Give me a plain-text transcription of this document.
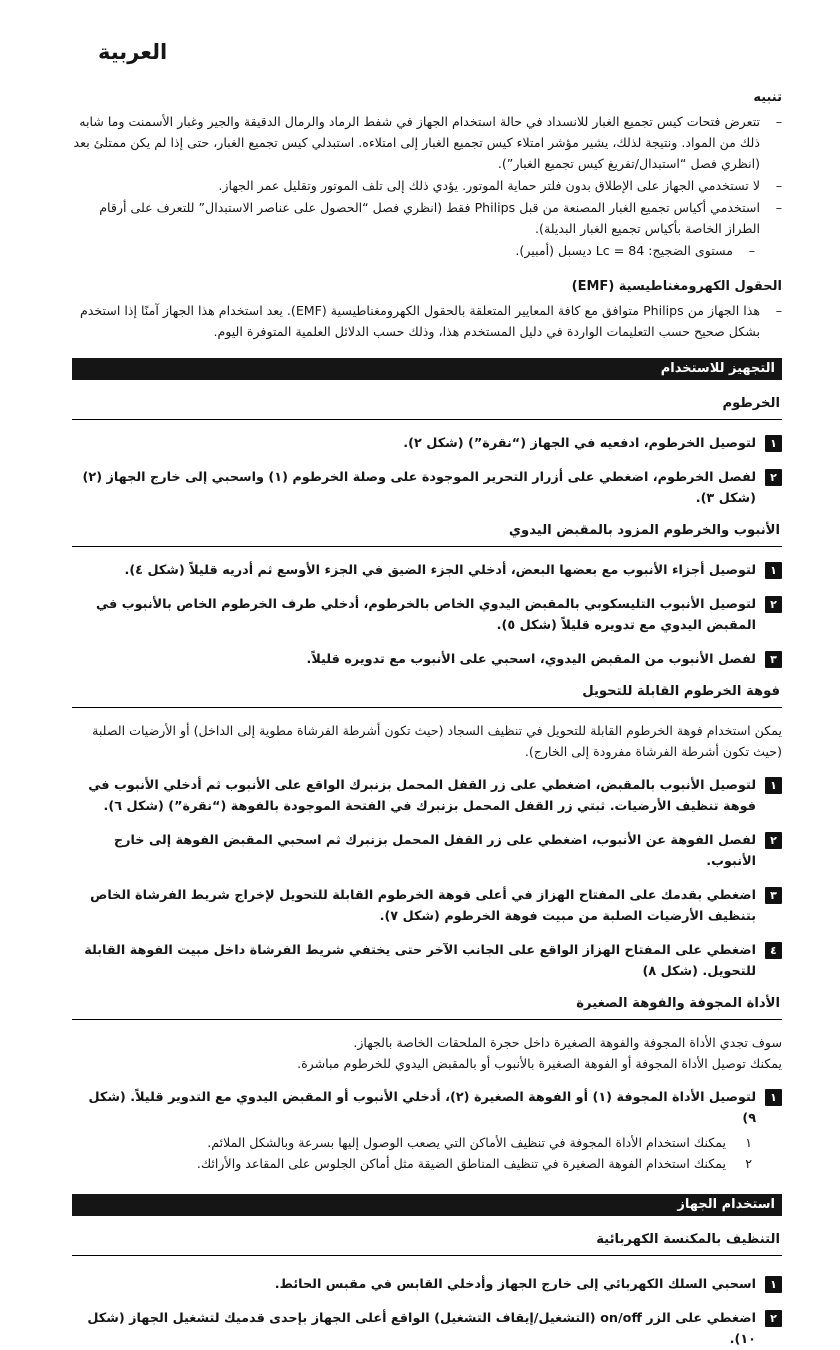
العربية
تنبيه
–
تتعرض فتحات كيس تجميع الغبار للانسداد في حالة استخدام الجهاز في شفط الرماد والرمال الدقيقة والجير وغبار الأسمنت وما شابه ذلك من المواد. ونتيجة لذلك، يشير مؤشر امتلاء كيس تجميع الغبار إلى امتلاءه. استبدلي كيس تجميع الغبار، حتى إذا لم يكن ممتلئ بعد (انظري فصل “استبدال/تفريغ كيس تجميع الغبار”).
–
لا تستخدمي الجهاز على الإطلاق بدون فلتر حماية الموتور. يؤدي ذلك إلى تلف الموتور وتقليل عمر الجهاز.
–
استخدمي أكياس تجميع الغبار المصنعة من قبل Philips فقط (انظري فصل “الحصول على عناصر الاستبدال” للتعرف على أرقام الطراز الخاصة بأكياس تجميع الغبار البديلة).
–
مستوى الضجيج: Lc = 84 ديسبل (أمبير).
الحقول الكهرومغناطيسية (EMF)
–
هذا الجهاز من Philips متوافق مع كافة المعايير المتعلقة بالحقول الكهرومغناطيسية (EMF). يعد استخدام هذا الجهاز آمنًا إذا استخدم بشكل صحيح حسب التعليمات الواردة في دليل المستخدم هذا، وذلك حسب الدلائل العلمية المتوفرة اليوم.
التجهيز للاستخدام
الخرطوم
١
لتوصيل الخرطوم، ادفعيه في الجهاز (“نقرة”) (شكل ٢).
٢
لفصل الخرطوم، اضغطي على أزرار التحرير الموجودة على وصلة الخرطوم (١) واسحبي إلى خارج الجهاز (٢) (شكل ٣).
الأنبوب والخرطوم المزود بالمقبض اليدوي
١
لتوصيل أجزاء الأنبوب مع بعضها البعض، أدخلي الجزء الضيق في الجزء الأوسع ثم أدريه قليلاً (شكل ٤).
٢
لتوصيل الأنبوب التليسكوبي بالمقبض اليدوي الخاص بالخرطوم، أدخلي طرف الخرطوم الخاص بالأنبوب في المقبض اليدوي مع تدويره قليلاً (شكل ٥).
٣
لفصل الأنبوب من المقبض اليدوي، اسحبي على الأنبوب مع تدويره قليلاً.
فوهة الخرطوم القابلة للتحويل
يمكن استخدام فوهة الخرطوم القابلة للتحويل في تنظيف السجاد (حيث تكون أشرطة الفرشاة مطوية إلى الداخل) أو الأرضيات الصلبة (حيث تكون أشرطة الفرشاة مفرودة إلى الخارج).
١
لتوصيل الأنبوب بالمقبض، اضغطي على زر القفل المحمل بزنبرك الواقع على الأنبوب ثم أدخلي الأنبوب في فوهة تنظيف الأرضيات. ثبتي زر القفل المحمل بزنبرك في الفتحة الموجودة بالفوهة (“نقرة”) (شكل ٦).
٢
لفصل الفوهة عن الأنبوب، اضغطي على زر القفل المحمل بزنبرك ثم اسحبي المقبض الفوهة إلى خارج الأنبوب.
٣
اضغطي بقدمك على المفتاح الهزاز في أعلى فوهة الخرطوم القابلة للتحويل لإخراج شريط الفرشاة الخاص بتنظيف الأرضيات الصلبة من مبيت فوهة الخرطوم (شكل ٧).
٤
اضغطي على المفتاح الهزاز الواقع على الجانب الآخر حتى يختفي شريط الفرشاة داخل مبيت الفوهة القابلة للتحويل. (شكل ٨)
الأداة المجوفة والفوهة الصغيرة
سوف تجدي الأداة المجوفة والفوهة الصغيرة داخل حجرة الملحقات الخاصة بالجهاز.
يمكنك توصيل الأداة المجوفة أو الفوهة الصغيرة بالأنبوب أو بالمقبض اليدوي للخرطوم مباشرة.
١
لتوصيل الأداة المجوفة (١) أو الفوهة الصغيرة (٢)، أدخلي الأنبوب أو المقبض اليدوي مع التدوير قليلاً. (شكل ٩)
١
يمكنك استخدام الأداة المجوفة في تنظيف الأماكن التي يصعب الوصول إليها بسرعة وبالشكل الملائم.
٢
يمكنك استخدام الفوهة الصغيرة في تنظيف المناطق الضيقة مثل أماكن الجلوس على المقاعد والأرائك.
استخدام الجهاز
التنظيف بالمكنسة الكهربائية
١
اسحبي السلك الكهربائي إلى خارج الجهاز وأدخلي القابس في مقبس الحائط.
٢
اضغطي على الزر on/off (التشغيل/إيقاف التشغيل) الواقع أعلى الجهاز بإحدى قدميك لتشغيل الجهاز (شكل ١٠).
